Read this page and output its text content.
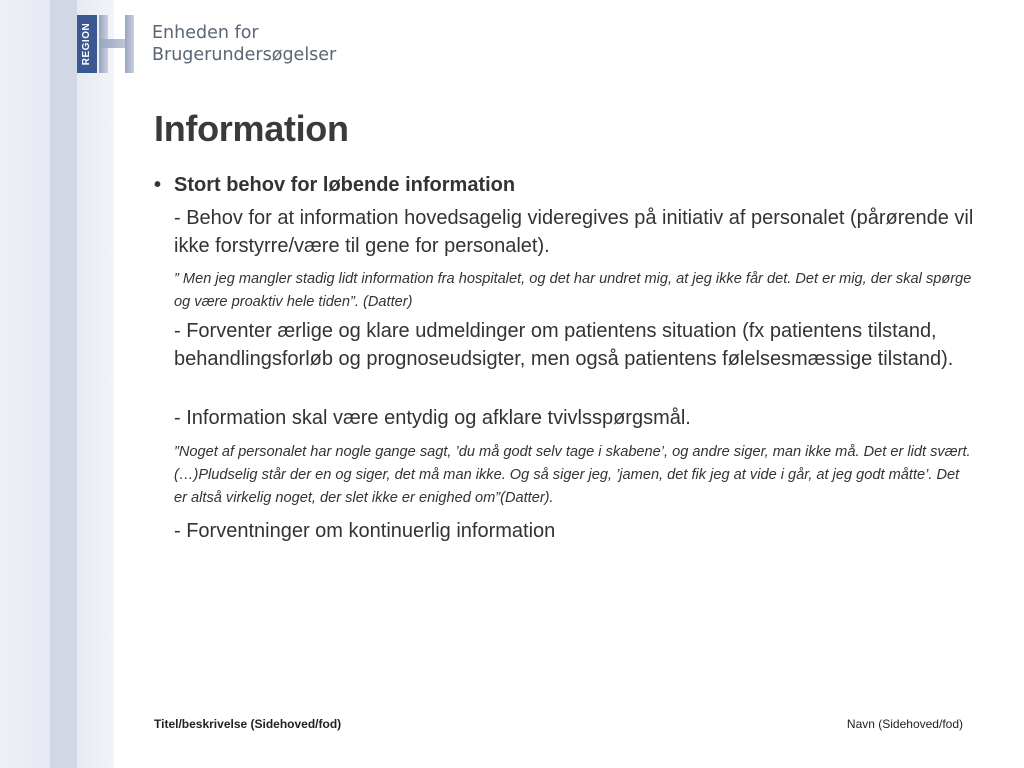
REGION	Enheden for
Brugerundersøgelser
Information
• Stort behov for løbende information
- Behov for at information hovedsagelig videregives på initiativ af personalet (pårørende vil ikke forstyrre/være til gene for personalet).
” Men jeg mangler stadig lidt information fra hospitalet, og det har undret mig, at jeg ikke får det. Det er mig, der skal spørge og være proaktiv hele tiden”. (Datter)
- Forventer ærlige og klare udmeldinger om patientens situation (fx patientens tilstand, behandlingsforløb og prognoseudsigter, men også patientens følelsesmæssige tilstand).
- Information skal være entydig og afklare tvivlsspørgsmål.
”Noget af personalet har nogle gange sagt, ’du må godt selv tage i skabene’, og andre siger, man ikke må. Det er lidt svært.(…)Pludselig står der en og siger, det må man ikke. Og så siger jeg, ’jamen, det fik jeg at vide i går, at jeg godt måtte’. Det er altså virkelig noget, der slet ikke er enighed om”(Datter).
- Forventninger om kontinuerlig information
Titel/beskrivelse (Sidehoved/fod)	Navn (Sidehoved/fod)
